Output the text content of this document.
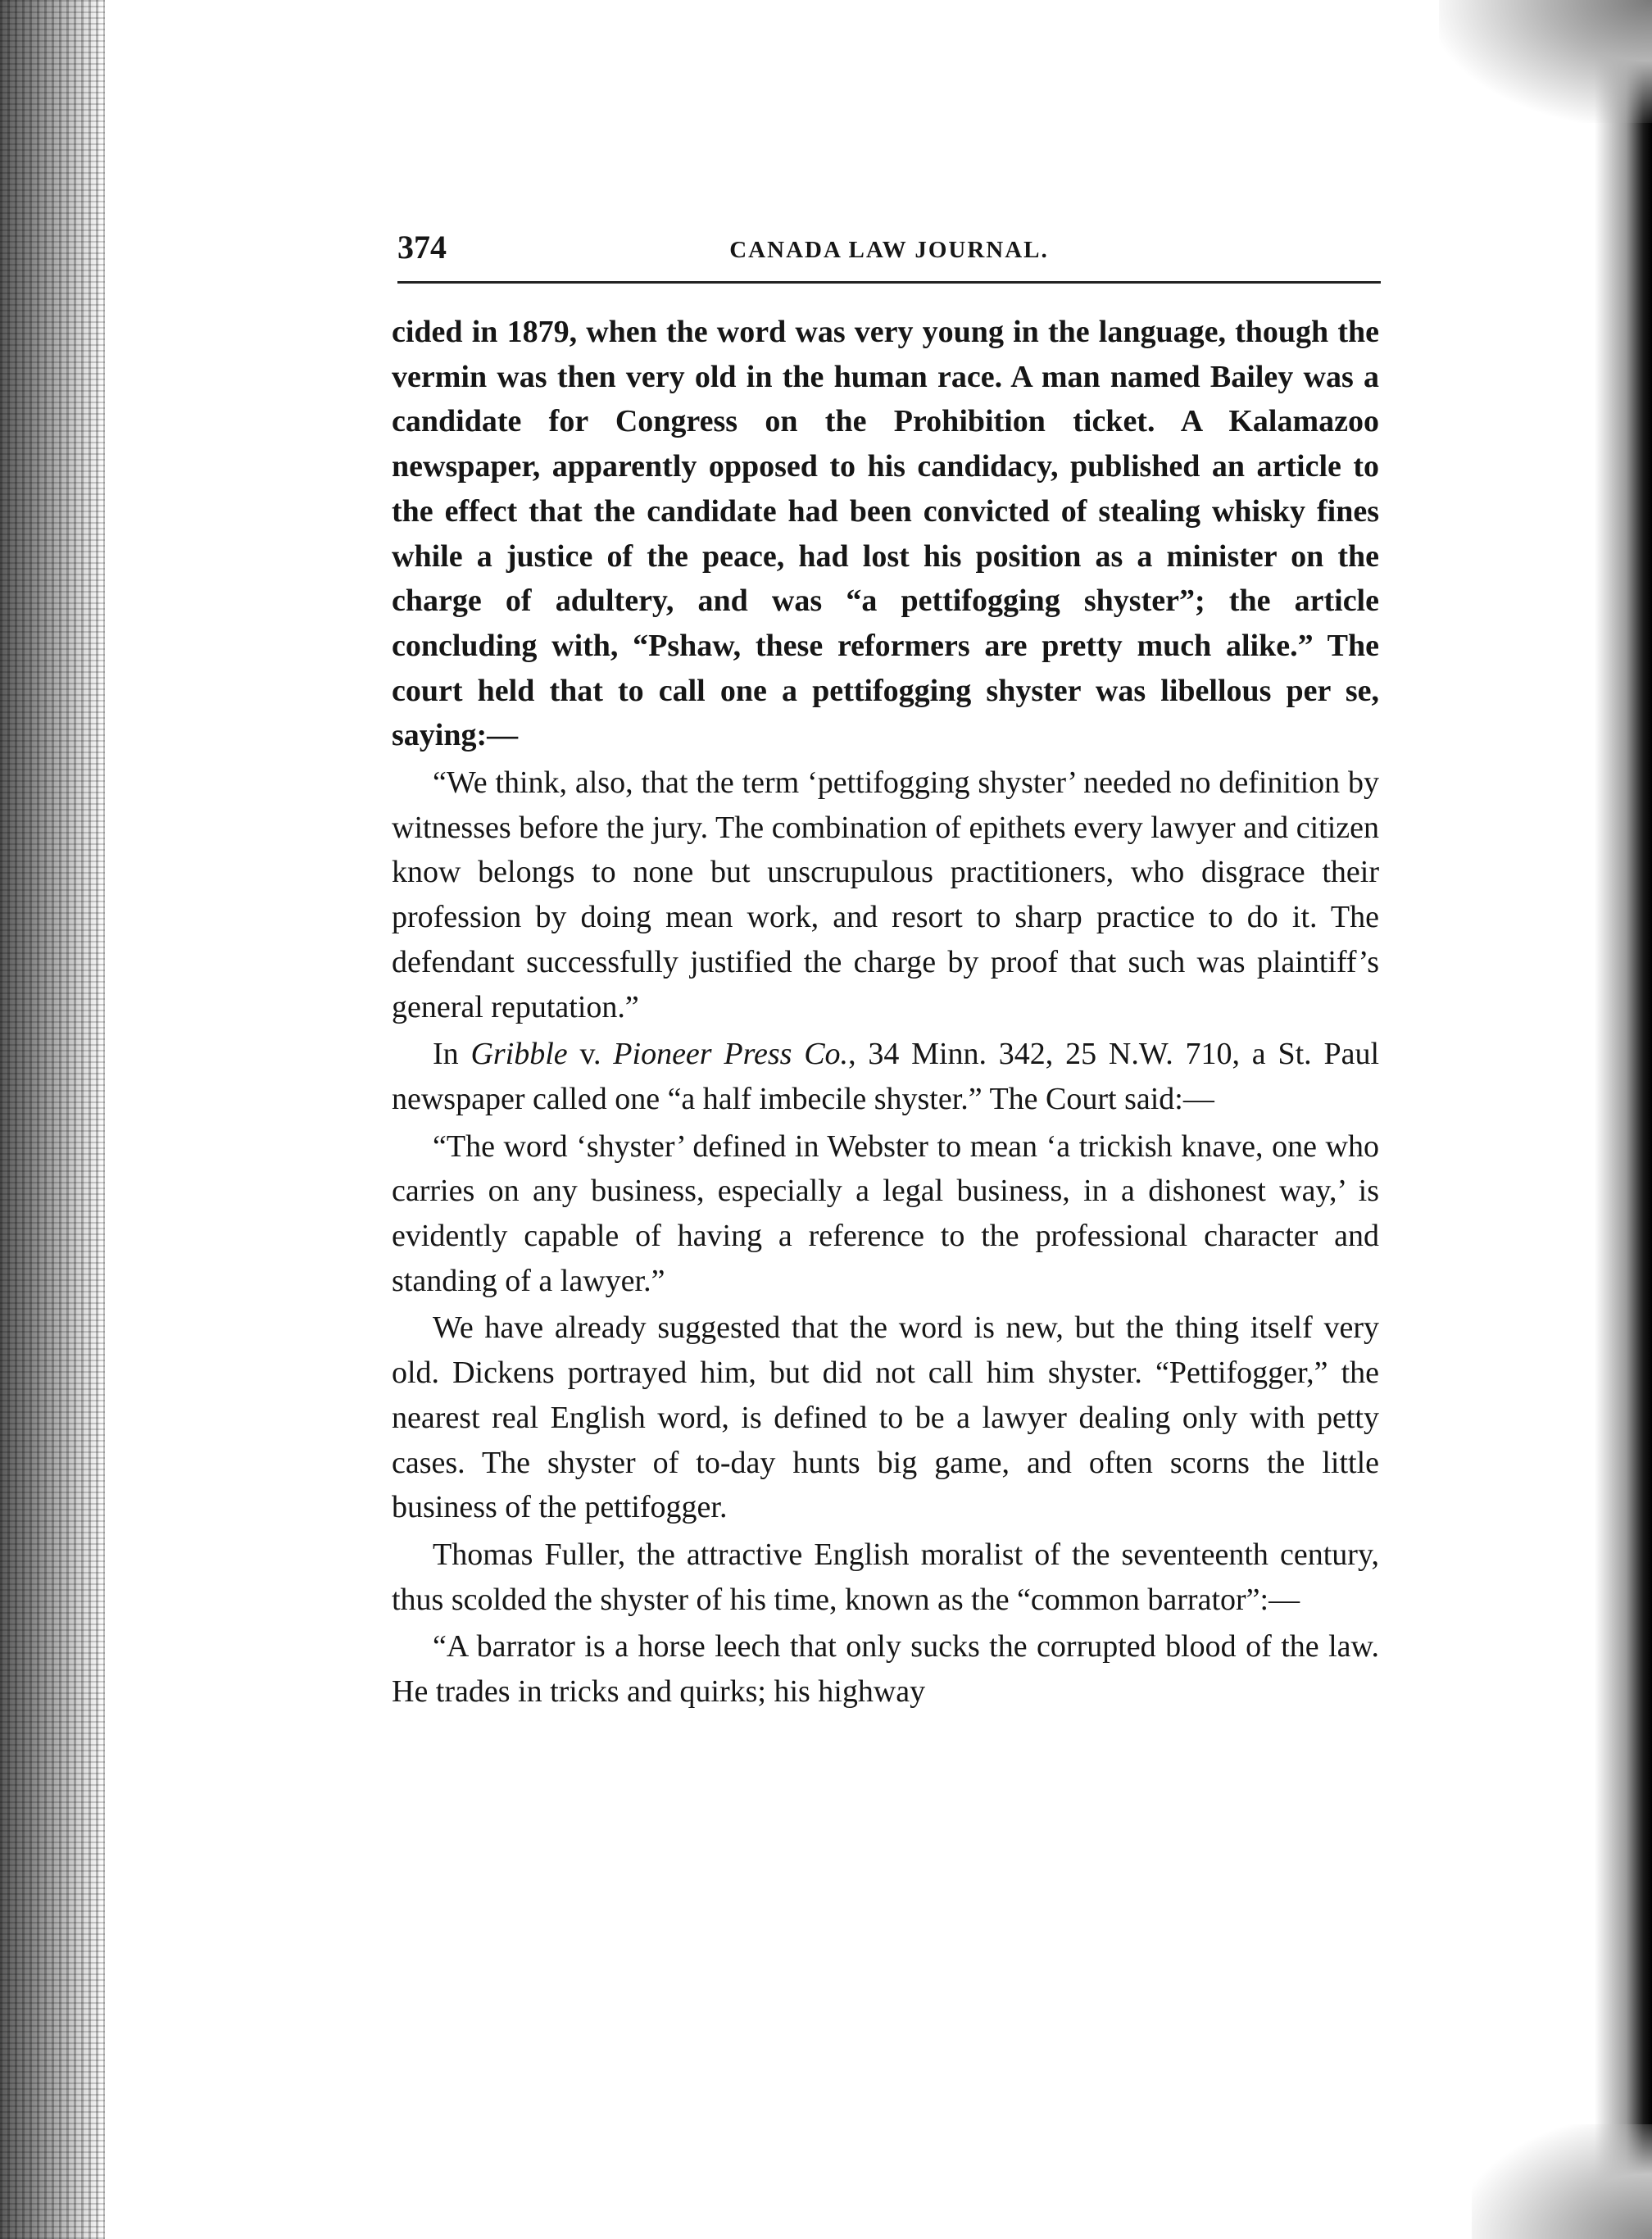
374	CANADA LAW JOURNAL.

cided in 1879, when the word was very young in the language, though the vermin was then very old in the human race. A man named Bailey was a candidate for Congress on the Prohibition ticket. A Kalamazoo newspaper, apparently opposed to his candidacy, published an article to the effect that the candidate had been convicted of stealing whisky fines while a justice of the peace, had lost his position as a minister on the charge of adultery, and was “a pettifogging shyster”; the article concluding with, “Pshaw, these reformers are pretty much alike.” The court held that to call one a pettifogging shyster was libellous per se, saying:—

“We think, also, that the term ‘pettifogging shyster’ needed no definition by witnesses before the jury. The combination of epithets every lawyer and citizen know belongs to none but unscrupulous practitioners, who disgrace their profession by doing mean work, and resort to sharp practice to do it. The defendant successfully justified the charge by proof that such was plaintiff’s general reputation.”

In Gribble v. Pioneer Press Co., 34 Minn. 342, 25 N.W. 710, a St. Paul newspaper called one “a half imbecile shyster.” The Court said:—

“The word ‘shyster’ defined in Webster to mean ‘a trickish knave, one who carries on any business, especially a legal business, in a dishonest way,’ is evidently capable of having a reference to the professional character and standing of a lawyer.”

We have already suggested that the word is new, but the thing itself very old. Dickens portrayed him, but did not call him shyster. “Pettifogger,” the nearest real English word, is defined to be a lawyer dealing only with petty cases. The shyster of to-day hunts big game, and often scorns the little business of the pettifogger.

Thomas Fuller, the attractive English moralist of the seventeenth century, thus scolded the shyster of his time, known as the “common barrator”:—

“A barrator is a horse leech that only sucks the corrupted blood of the law. He trades in tricks and quirks; his highway
